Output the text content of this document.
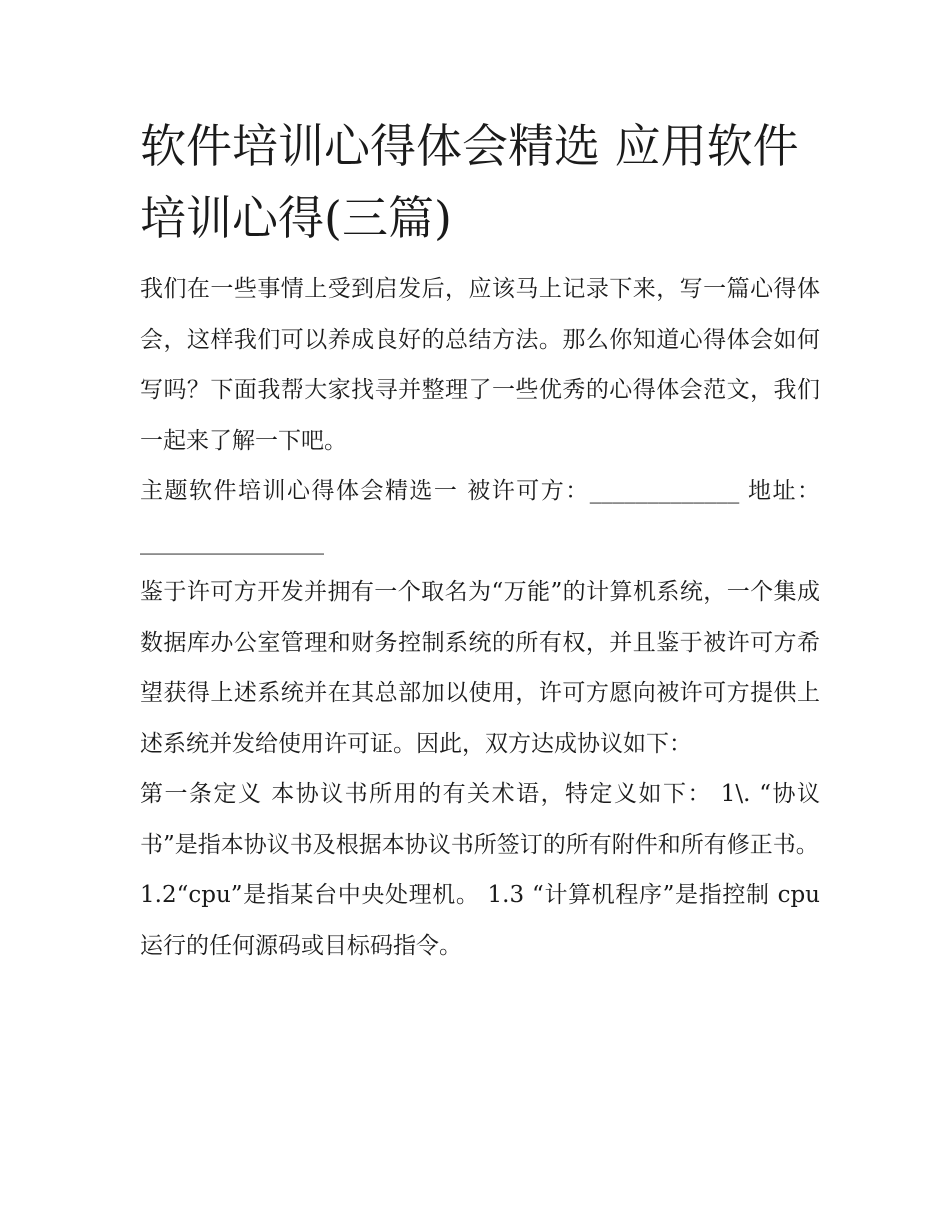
软件培训心得体会精选 应用软件培训心得(三篇)

我们在一些事情上受到启发后，应该马上记录下来，写一篇心得体会，这样我们可以养成良好的总结方法。那么你知道心得体会如何写吗？下面我帮大家找寻并整理了一些优秀的心得体会范文，我们一起来了解一下吧。

主题软件培训心得体会精选一 被许可方：_____________ 地址：________________

鉴于许可方开发并拥有一个取名为“万能”的计算机系统，一个集成数据库办公室管理和财务控制系统的所有权，并且鉴于被许可方希望获得上述系统并在其总部加以使用，许可方愿向被许可方提供上述系统并发给使用许可证。因此，双方达成协议如下：

第一条定义 本协议书所用的有关术语，特定义如下： 1\. “协议书”是指本协议书及根据本协议书所签订的所有附件和所有修正书。

1.2“cpu”是指某台中央处理机。 1.3 “计算机程序”是指控制 cpu 运行的任何源码或目标码指令。
